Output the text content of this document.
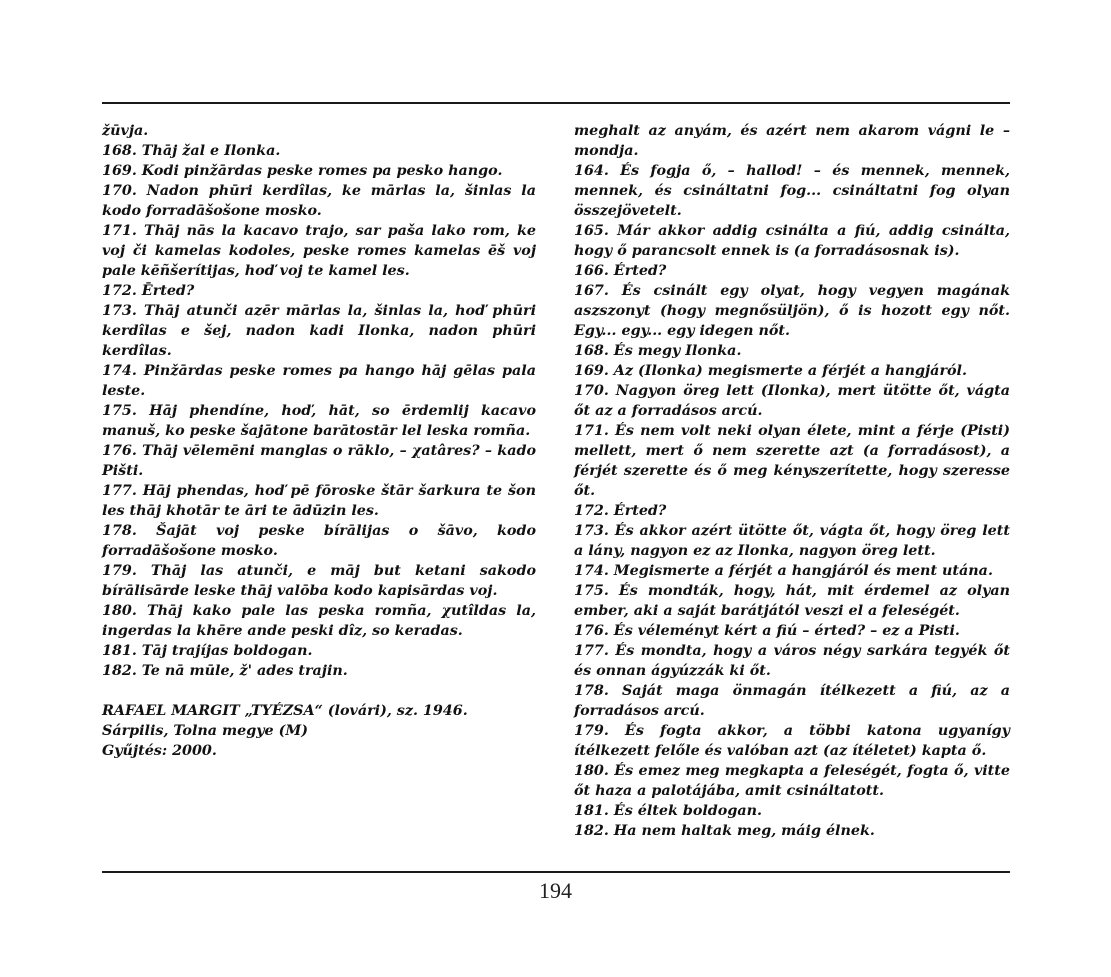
žūvja.

168. Thāj žal e Ilonka.

169. Kodi pinžārdas peske romes pa pesko hango.

170. Nadon phūri kerdîlas, ke mārlas la, šinlas la kodo forradāšošone mosko.

171. Thāj nās la kacavo trajo, sar paša lako rom, ke voj či kamelas kodoles, peske romes kamelas ēš voj pale kēñšerítijas, hoď voj te kamel les.

172. Ērted?

173. Thāj atunči azēr mārlas la, šinlas la, hoď phūri kerdîlas e šej, nadon kadi Ilonka, nadon phūri kerdîlas.

174. Pinžārdas peske romes pa hango hāj gēlas pala leste.

175. Hāj phendíne, hoď, hāt, so ērdemlij kacavo manuš, ko peske šajātone barātostār lel leska romña.

176. Thāj vēlemēni manglas o rāklo, – χatâres? – kado Pišti.

177. Hāj phendas, hoď pē fōroske štār šarkura te šon les thāj khotār te āri te ādūzin les.

178. Šajāt voj peske bírālijas o šāvo, kodo forradāšošone mosko.

179. Thāj las atunči, e māj but ketani sakodo bírālisārde leske thāj valōba kodo kapisārdas voj.

180. Thāj kako pale las peska romña, χutîldas la, ingerdas la khēre ande peski dîz, so keradas.

181. Tāj trajíjas boldogan.

182. Te nā mūle, ž' ades trajin.

RAFAEL MARGIT „TYÉZSA“ (lovári), sz. 1946.

Sárpilis, Tolna megye (M)

Gyűjtés: 2000.

meghalt az anyám, és azért nem akarom vágni le – mondja.

164. És fogja ő, – hallod! – és mennek, mennek, mennek, és csináltatni fog... csináltatni fog olyan összejövetelt.

165. Már akkor addig csinálta a fiú, addig csinálta, hogy ő parancsolt ennek is (a forradásosnak is).

166. Érted?

167. És csinált egy olyat, hogy vegyen magának aszszonyt (hogy megnősüljön), ő is hozott egy nőt. Egy... egy... egy idegen nőt.

168. És megy Ilonka.

169. Az (Ilonka) megismerte a férjét a hangjáról.

170. Nagyon öreg lett (Ilonka), mert ütötte őt, vágta őt az a forradásos arcú.

171. És nem volt neki olyan élete, mint a férje (Pisti) mellett, mert ő nem szerette azt (a forradásost), a férjét szerette és ő meg kényszerítette, hogy szeresse őt.

172. Érted?

173. És akkor azért ütötte őt, vágta őt, hogy öreg lett a lány, nagyon ez az Ilonka, nagyon öreg lett.

174. Megismerte a férjét a hangjáról és ment utána.

175. És mondták, hogy, hát, mit érdemel az olyan ember, aki a saját barátjától veszi el a feleségét.

176. És véleményt kért a fiú – érted? – ez a Pisti.

177. És mondta, hogy a város négy sarkára tegyék őt és onnan ágyúzzák ki őt.

178. Saját maga önmagán ítélkezett a fiú, az a forradásos arcú.

179. És fogta akkor, a többi katona ugyanígy ítélkezett felőle és valóban azt (az ítéletet) kapta ő.

180. És emez meg megkapta a feleségét, fogta ő, vitte őt haza a palotájába, amit csináltatott.

181. És éltek boldogan.

182. Ha nem haltak meg, máig élnek.

194
